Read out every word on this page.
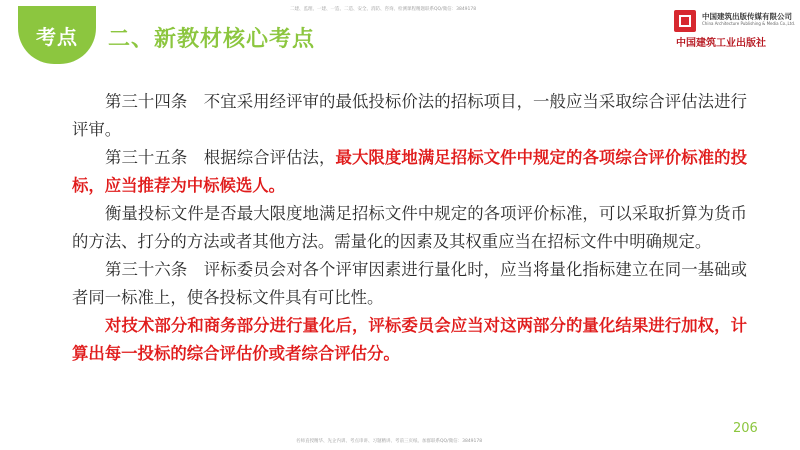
考点 二、新教材核心考点
二建、监理、一建、一造、二造、安全、消防、咨询、检测课程精题联系QQ/微信：3849178
中国建筑出版传媒有限公司
China Architecture Publishing & Media Co.,Ltd.
中国建筑工业出版社

第三十四条　不宜采用经评审的最低投标价法的招标项目，一般应当采取综合评估法进行评审。

第三十五条　根据综合评估法，最大限度地满足招标文件中规定的各项综合评价标准的投标，应当推荐为中标候选人。

衡量投标文件是否最大限度地满足招标文件中规定的各项评价标准，可以采取折算为货币的方法、打分的方法或者其他方法。需量化的因素及其权重应当在招标文件中明确规定。

第三十六条　评标委员会对各个评审因素进行量化时，应当将量化指标建立在同一基础或者同一标准上，使各投标文件具有可比性。

对技术部分和商务部分进行量化后，评标委员会应当对这两部分的量化结果进行加权，计算出每一投标的综合评估价或者综合评估分。

206
名师直授精华、先企内训、考点串讲、习题精讲、考前三页纸、加群联系QQ/微信：3849178
